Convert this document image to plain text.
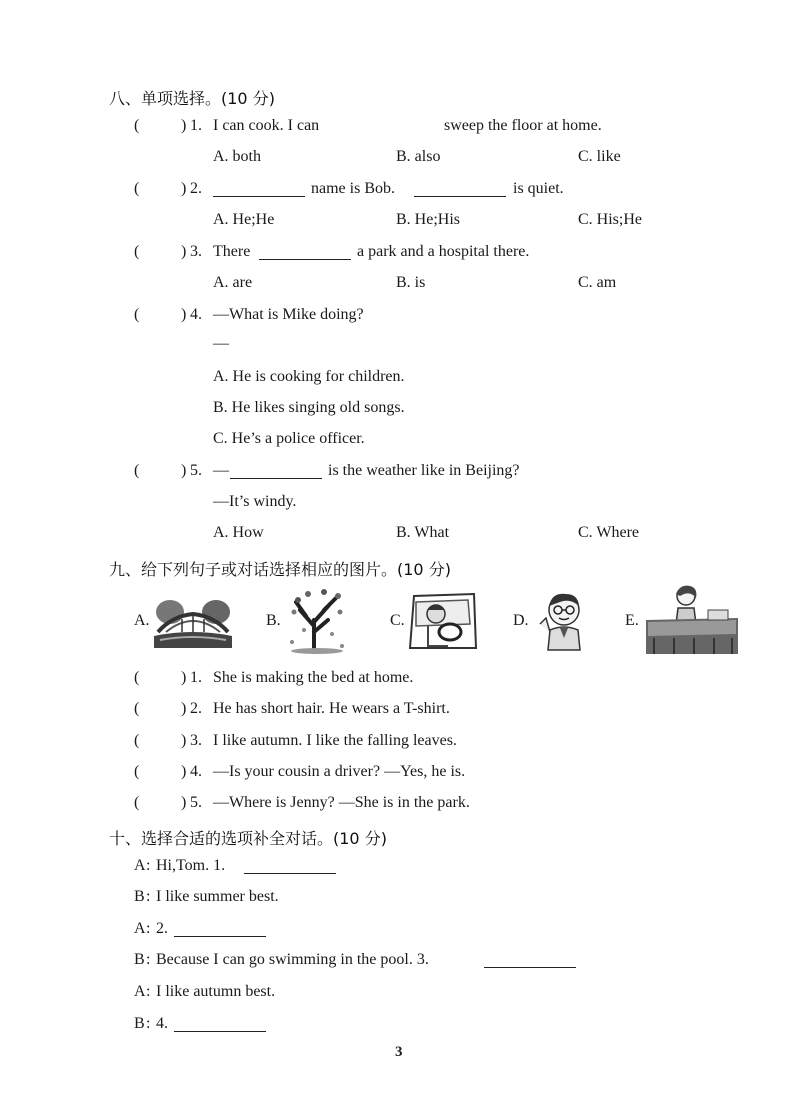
八、单项选择。(10 分)
(	) 1. I can cook. I can	sweep the floor at home.
A. both	B. also	C. like
(	) 2.	name is Bob.	is quiet.
A. He;He	B. He;His	C. His;He
(	) 3. There	a park and a hospital there.
A. are	B. is	C. am
(	) 4. —What is Mike doing?
—
A. He is cooking for children.
B. He likes singing old songs.
C. He’s a police officer.
(	) 5. —	is the weather like in Beijing?
—It’s windy.
A. How	B. What	C. Where
九、给下列句子或对话选择相应的图片。(10 分)
A.	B.	C.	D.	E.
(	) 1. She is making the bed at home.
(	) 2. He has short hair. He wears a T-shirt.
(	) 3. I like autumn. I like the falling leaves.
(	) 4. —Is your cousin a driver? —Yes, he is.
(	) 5. —Where is Jenny? —She is in the park.
十、选择合适的选项补全对话。(10 分)
A : Hi,Tom. 1.
B : I like summer best.
A : 2.
B : Because I can go swimming in the pool. 3.
A : I like autumn best.
B : 4.
3
